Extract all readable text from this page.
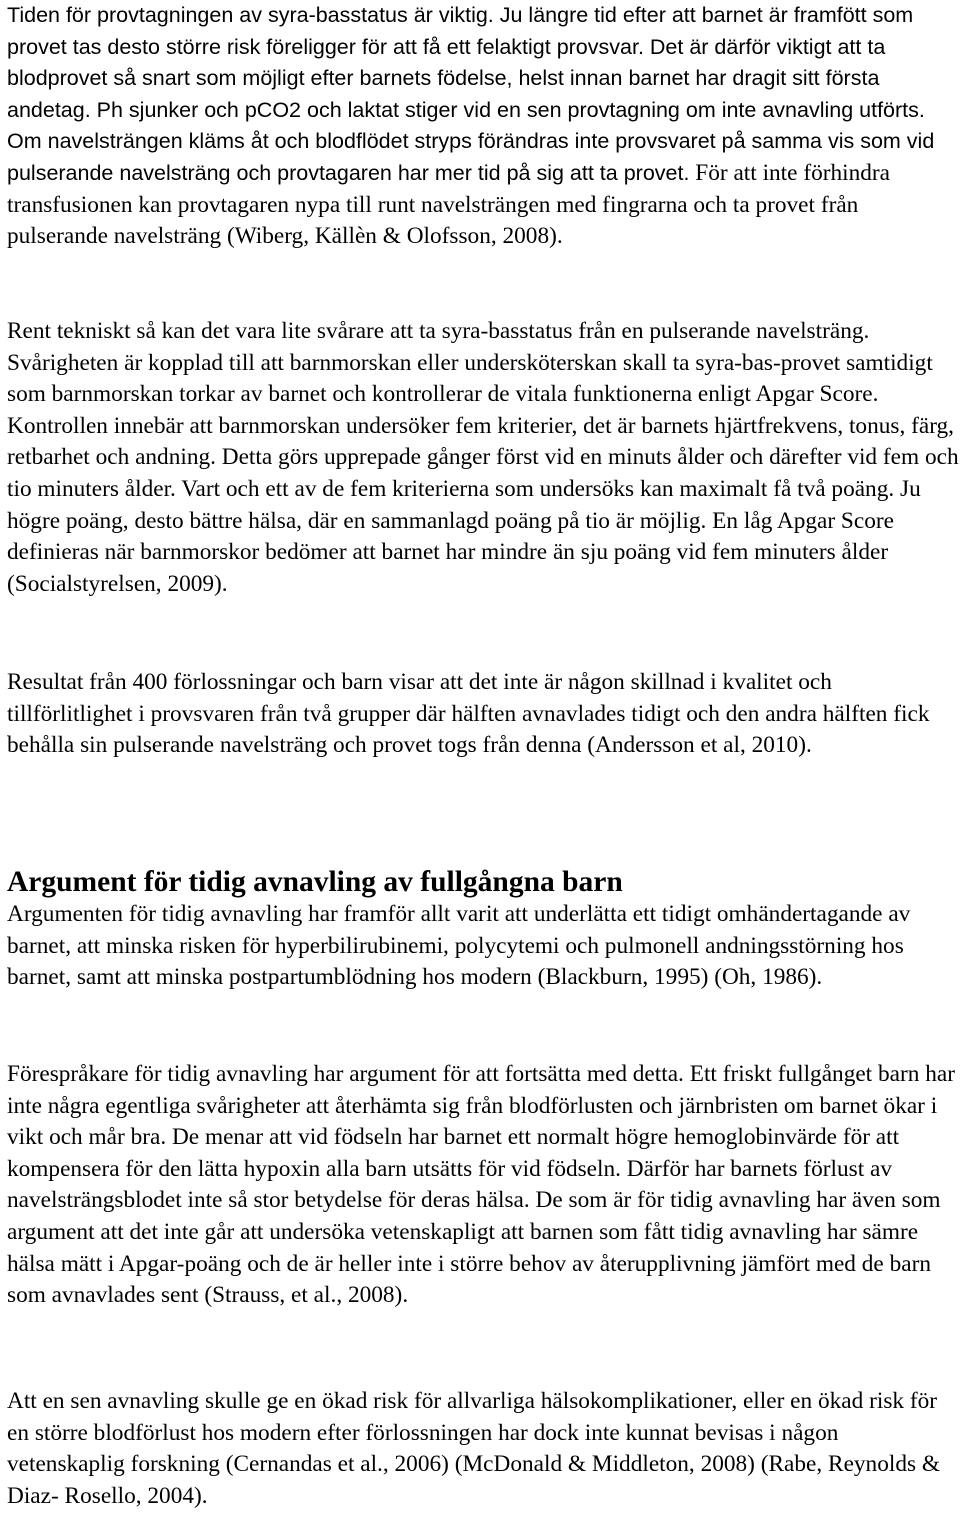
Tiden för provtagningen av syra-basstatus är viktig. Ju längre tid efter att barnet är framfött som provet tas desto större risk föreligger för att få ett felaktigt provsvar. Det är därför viktigt att ta blodprovet så snart som möjligt efter barnets födelse, helst innan barnet har dragit sitt första andetag. Ph sjunker och pCO2 och laktat stiger vid en sen provtagning om inte avnavling utförts. Om navelsträngen kläms åt och blodflödet stryps förändras inte provsvaret på samma vis som vid pulserande navelsträng och provtagaren har mer tid på sig att ta provet. För att inte förhindra transfusionen kan provtagaren nypa till runt navelsträngen med fingrarna och ta provet från pulserande navelsträng (Wiberg, Källèn & Olofsson, 2008).

Rent tekniskt så kan det vara lite svårare att ta syra-basstatus från en pulserande navelsträng. Svårigheten är kopplad till att barnmorskan eller undersköterskan skall ta syra-bas-provet samtidigt som barnmorskan torkar av barnet och kontrollerar de vitala funktionerna enligt Apgar Score. Kontrollen innebär att barnmorskan undersöker fem kriterier, det är barnets hjärtfrekvens, tonus, färg, retbarhet och andning. Detta görs upprepade gånger först vid en minuts ålder och därefter vid fem och tio minuters ålder. Vart och ett av de fem kriterierna som undersöks kan maximalt få två poäng. Ju högre poäng, desto bättre hälsa, där en sammanlagd poäng på tio är möjlig. En låg Apgar Score definieras när barnmorskor bedömer att barnet har mindre än sju poäng vid fem minuters ålder (Socialstyrelsen, 2009).

Resultat från 400 förlossningar och barn visar att det inte är någon skillnad i kvalitet och tillförlitlighet i provsvaren från två grupper där hälften avnavlades tidigt och den andra hälften fick behålla sin pulserande navelsträng och provet togs från denna (Andersson et al, 2010).

Argument för tidig avnavling av fullgångna barn

Argumenten för tidig avnavling har framför allt varit att underlätta ett tidigt omhändertagande av barnet, att minska risken för hyperbilirubinemi, polycytemi och pulmonell andningsstörning hos barnet, samt att minska postpartumblödning hos modern (Blackburn, 1995) (Oh, 1986).

Förespråkare för tidig avnavling har argument för att fortsätta med detta. Ett friskt fullgånget barn har inte några egentliga svårigheter att återhämta sig från blodförlusten och järnbristen om barnet ökar i vikt och mår bra. De menar att vid födseln har barnet ett normalt högre hemoglobinvärde för att kompensera för den lätta hypoxin alla barn utsätts för vid födseln. Därför har barnets förlust av navelsträngsblodet inte så stor betydelse för deras hälsa. De som är för tidig avnavling har även som argument att det inte går att undersöka vetenskapligt att barnen som fått tidig avnavling har sämre hälsa mätt i Apgar-poäng och de är heller inte i större behov av återupplivning jämfört med de barn som avnavlades sent (Strauss, et al., 2008).

Att en sen avnavling skulle ge en ökad risk för allvarliga hälsokomplikationer, eller en ökad risk för en större blodförlust hos modern efter förlossningen har dock inte kunnat bevisas i någon vetenskaplig forskning (Cernandas et al., 2006) (McDonald & Middleton, 2008) (Rabe, Reynolds & Diaz- Rosello, 2004).
